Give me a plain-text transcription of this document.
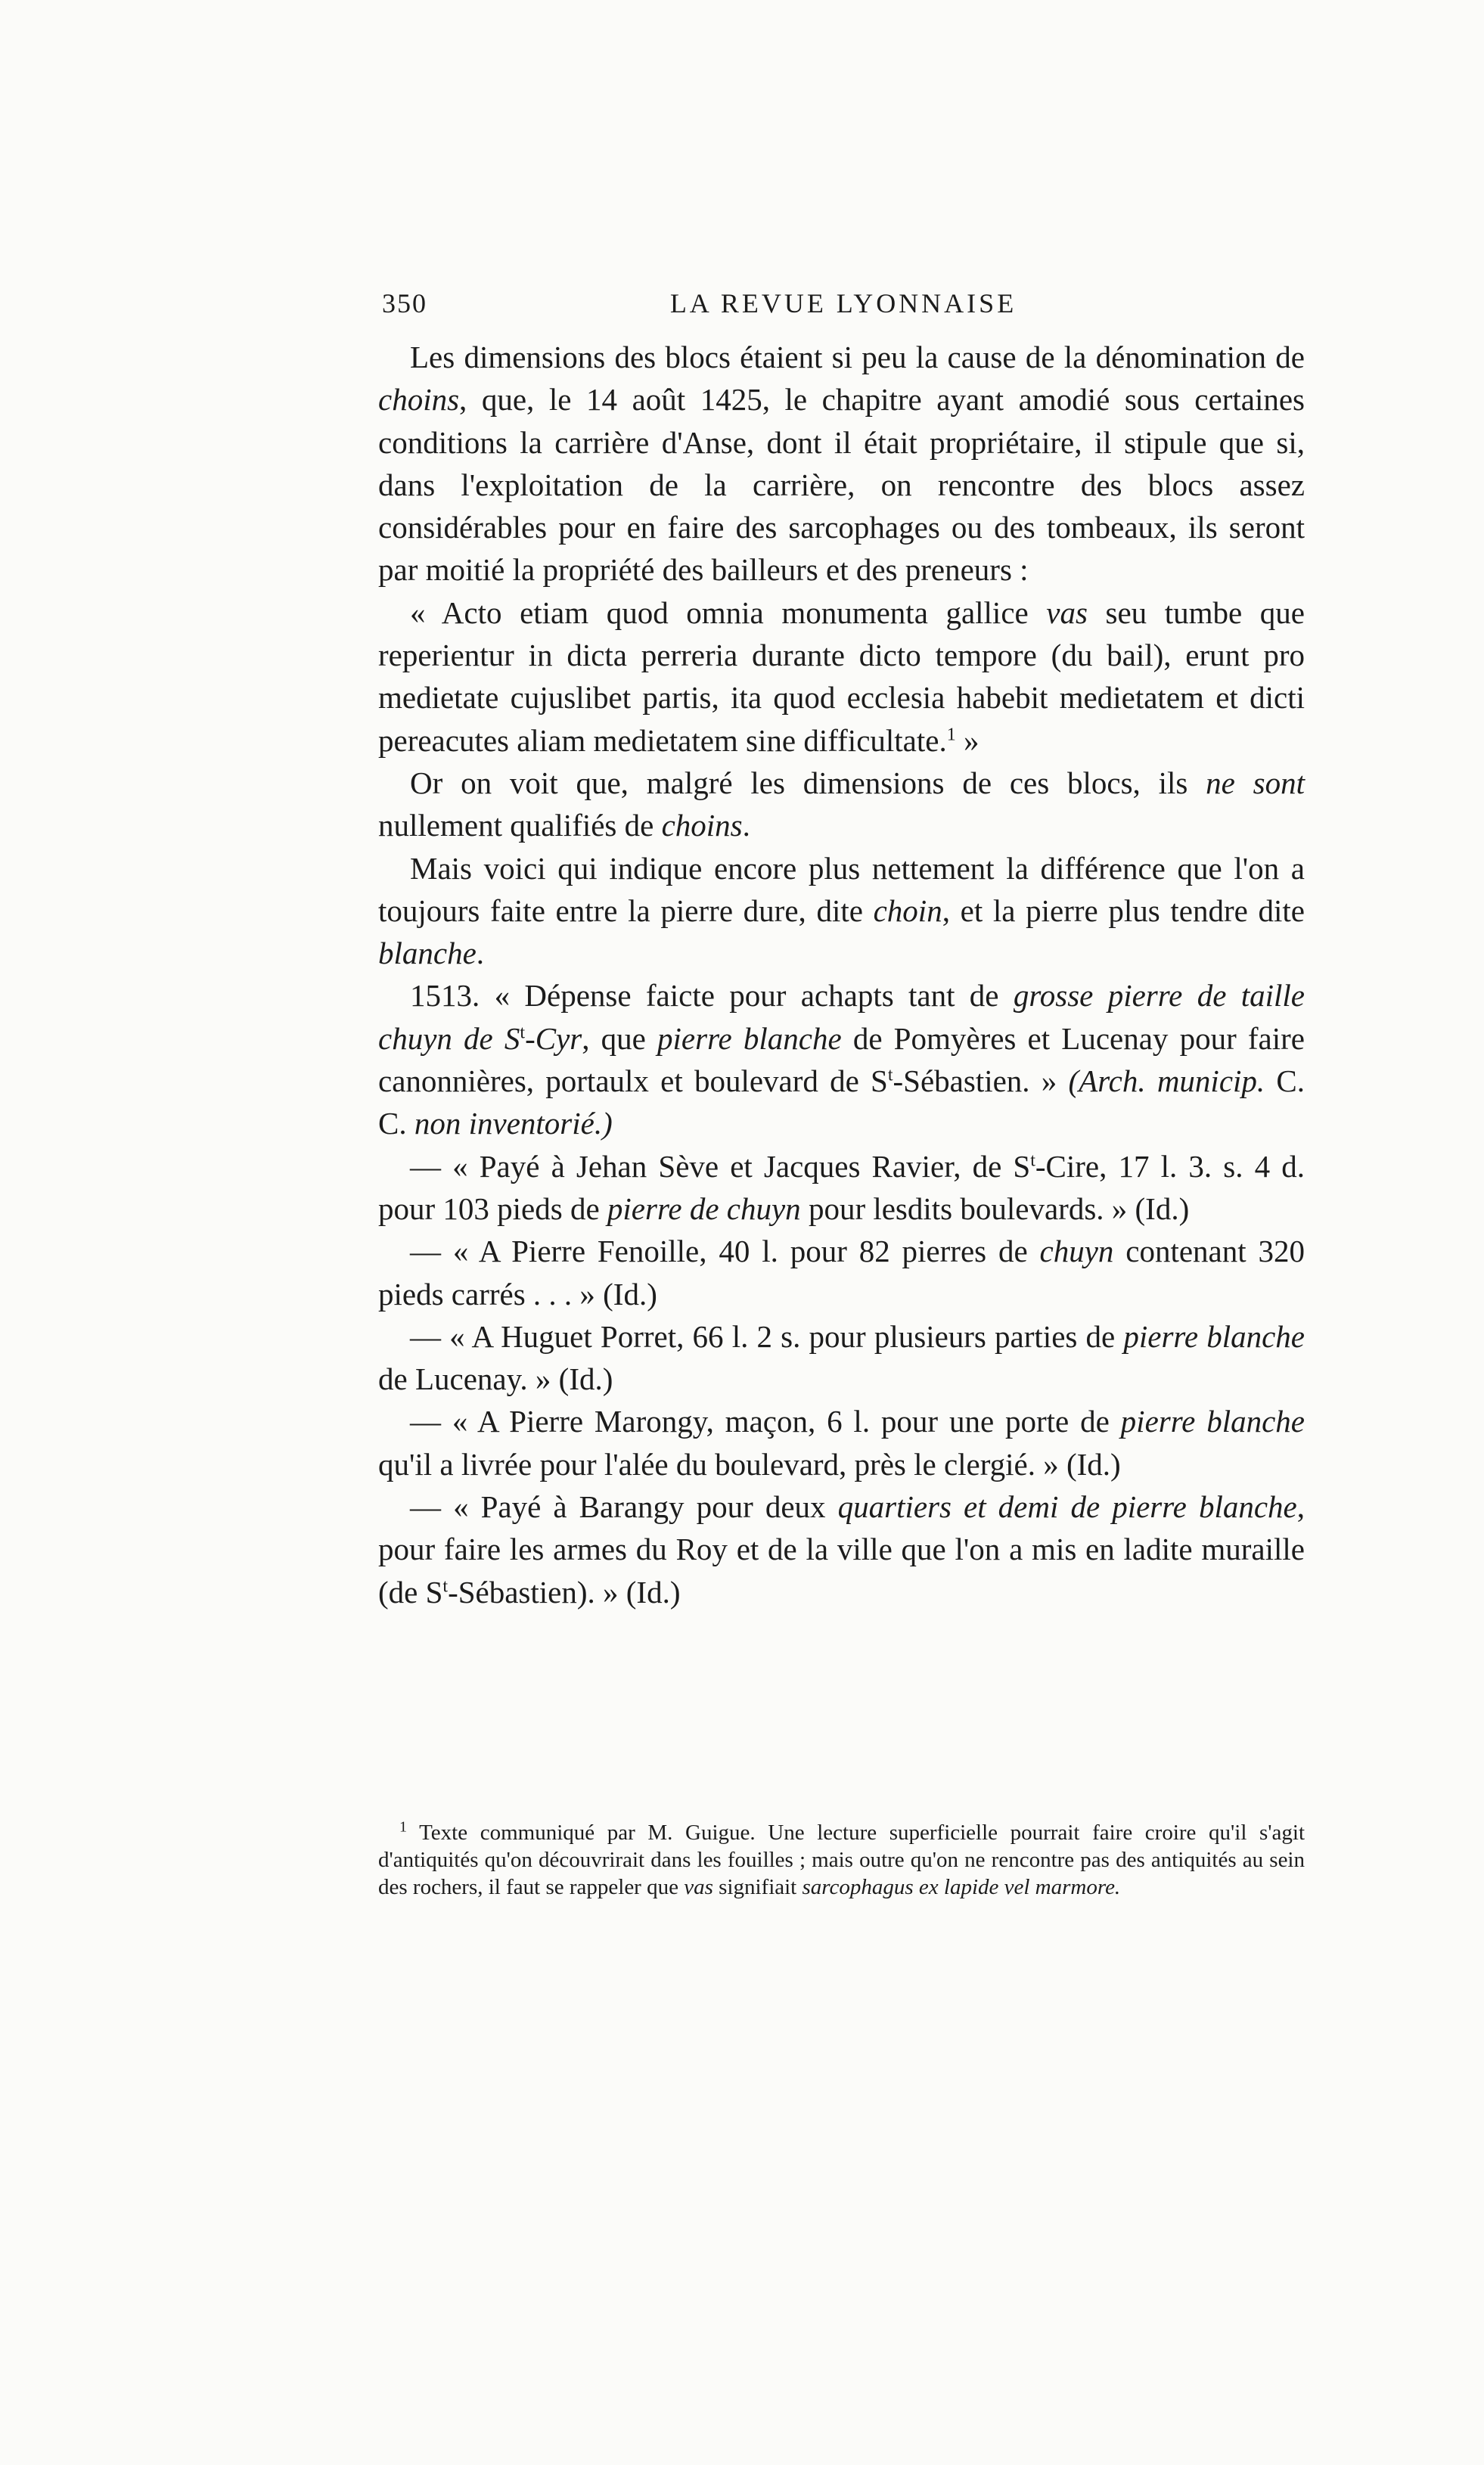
350	LA REVUE LYONNAISE

Les dimensions des blocs étaient si peu la cause de la dénomination de choins, que, le 14 août 1425, le chapitre ayant amodié sous certaines conditions la carrière d'Anse, dont il était propriétaire, il stipule que si, dans l'exploitation de la carrière, on rencontre des blocs assez considérables pour en faire des sarcophages ou des tombeaux, ils seront par moitié la propriété des bailleurs et des preneurs :

« Acto etiam quod omnia monumenta gallice vas seu tumbe que reperientur in dicta perreria durante dicto tempore (du bail), erunt pro medietate cujuslibet partis, ita quod ecclesia habebit medietatem et dicti pereacutes aliam medietatem sine difficultate.$^1$ »

Or on voit que, malgré les dimensions de ces blocs, ils ne sont nullement qualifiés de choins.

Mais voici qui indique encore plus nettement la différence que l'on a toujours faite entre la pierre dure, dite choin, et la pierre plus tendre dite blanche.

1513. « Dépense faicte pour achapts tant de grosse pierre de taille chuyn de $S^t$-Cyr, que pierre blanche de Pomyères et Lucenay pour faire canonnières, portaulx et boulevard de $S^t$-Sébastien. » (Arch. municip. C. C. non inventorié.)

— « Payé à Jehan Sève et Jacques Ravier, de $S^t$-Cire, 17 l. 3. s. 4 d. pour 103 pieds de pierre de chuyn pour lesdits boulevards. » (Id.)

— « A Pierre Fenoille, 40 l. pour 82 pierres de chuyn contenant 320 pieds carrés . . . » (Id.)

— « A Huguet Porret, 66 l. 2 s. pour plusieurs parties de pierre blanche de Lucenay. » (Id.)

— « A Pierre Marongy, maçon, 6 l. pour une porte de pierre blanche qu'il a livrée pour l'alée du boulevard, près le clergié. » (Id.)

— « Payé à Barangy pour deux quartiers et demi de pierre blanche, pour faire les armes du Roy et de la ville que l'on a mis en ladite muraille (de $S^t-Sébastien$). » (Id.)

$^1$ Texte communiqué par M. Guigue. Une lecture superficielle pourrait faire croire qu'il s'agit d'antiquités qu'on découvrirait dans les fouilles ; mais outre qu'on ne rencontre pas des antiquités au sein des rochers, il faut se rappeler que vas signifiait sarcophagus ex lapide vel marmore.
